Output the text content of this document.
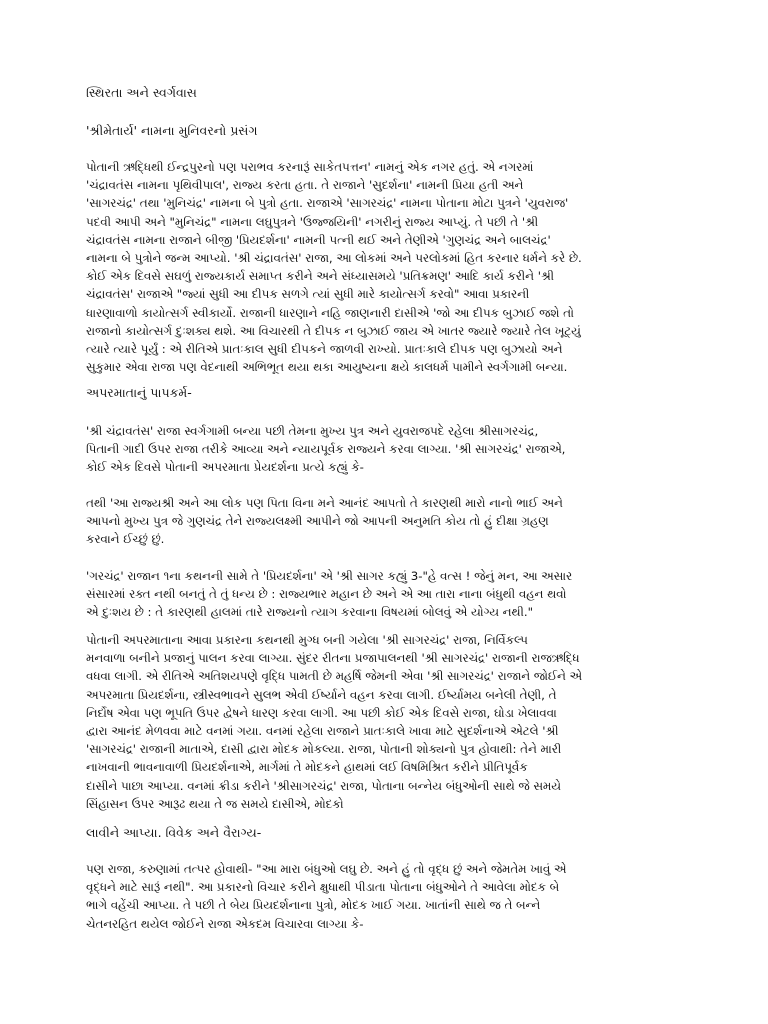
સ્થિરતા અને સ્વર્ગવાસ

'શ્રીમેતાર્ય' નામના મુનિવરનો પ્રસંગ

પોતાની ઋદ્ધિથી ઈન્દ્રપુરનો પણ પરાભવ કરનારૂં સાકેતપત્તન' નામનું એક નગર હતું. એ નગરમાં
'ચંદ્રાવતંસ નામના પૃથિવીપાલ', રાજ્ય કરતા હતા. તે રાજાને 'સુદર્શના' નામની પ્રિયા હતી અને
'સાગરચંદ્ર' તથા 'મુનિચંદ્ર' નામના બે પુત્રો હતા. રાજાએ 'સાગરચંદ્ર' નામના પોતાના મોટા પુત્રને 'યુવરાજ'
પદવી આપી અને "મુનિચંદ્ર" નામના લઘુપુત્રને 'ઉજ્જયિની' નગરીનું રાજ્ય આપ્યું. તે પછી તે 'શ્રી
ચંદ્રાવતંસ નામના રાજાને બીજી 'પ્રિયદર્શના' નામની પત્ની થઈ અને તેણીએ 'ગુણચંદ્ર અને બાલચંદ્ર'
નામના બે પુત્રોને જન્મ આપ્યો. 'શ્રી ચંદ્રાવતંસ' રાજા, આ લોકમાં અને પરલોકમાં હિત કરનાર ધર્મને કરે છે.
કોઈ એક દિવસે સઘળું રાજ્યકાર્ય સમાપ્ત કરીને અને સંધ્યાસમયે 'પ્રતિક્રમણ' આદિ કાર્ય કરીને 'શ્રી
ચંદ્રાવતંસ' રાજાએ "જ્યાં સુધી આ દીપક સળગે ત્યાં સુધી મારે કાયોત્સર્ગ કરવો" આવા પ્રકારની
ધારણાવાળો કાયોત્સર્ગ સ્વીકાર્યો. રાજાની ધારણાને નહિ જાણનારી દાસીએ 'જો આ દીપક બુઝાઈ જશે તો
રાજાનો કાયોત્સર્ગ દુઃશક્ય થશે. આ વિચારથી તે દીપક ન બુઝાઈ જાય એ ખાતર જ્યારે જ્યારે તેલ ખૂટ્યું
ત્યારે ત્યારે પૂર્યું : એ રીતિએ પ્રાતઃકાલ સુધી દીપકને જાળવી રાખ્યો. પ્રાતઃકાલે દીપક પણ બુઝાયો અને
સુકુમાર એવા રાજા પણ વેદનાથી અભિભૂત થયા થકા આયુષ્યના ક્ષયે કાલધર્મ પામીને સ્વર્ગગામી બન્યા.

અપરમાતાનું પાપકર્મ-

'શ્રી ચંદ્રાવતંસ' રાજા સ્વર્ગગામી બન્યા પછી તેમના મુખ્ય પુત્ર અને યુવરાજપદે રહેલા શ્રીસાગરચંદ્ર,
પિતાની ગાદી ઉપર રાજા તરીકે આવ્યા અને ન્યાયપૂર્વક રાજ્યને કરવા લાગ્યા. 'શ્રી સાગરચંદ્ર' રાજાએ,
કોઈ એક દિવસે પોતાની અપરમાતા પ્રેયદર્શના પ્રત્યે કહ્યું કે-
તથી 'આ રાજ્યશ્રી અને આ લોક પણ પિતા વિના મને આનંદ આપતો તે કારણથી મારો નાનો ભાઈ અને
આપનો મુખ્ય પુત્ર જે ગુણચંદ્ર તેને રાજ્યલક્ષ્મી આપીને જો આપની અનુમતિ કોય તો હું દીક્ષા ગ્રહણ
કરવાને ઈચ્છું છું.
'ગરચંદ્ર' રાજાન ૧ના કથનની સામે તે 'પ્રિયદર્શના' એ 'શ્રી સાગર કહ્યું 3-"હે વત્સ ! જેનું મન, આ અસાર
સંસારમાં રક્ત નથી બનતું તે તું ધન્ય છે : રાજ્યભાર મહાન છે અને એ આ તારા નાના બંધુથી વહન થવો
એ દુઃશય છે : તે કારણથી હાલમાં તારે રાજ્યનો ત્યાગ કરવાના વિષયમાં બોલવું એ યોગ્ય નથી."
પોતાની અપરમાતાના આવા પ્રકારના કથનથી મુગ્ધ બની ગયેલા 'શ્રી સાગરચંદ્ર' રાજા, નિર્વિકલ્પ
મનવાળા બનીને પ્રજાનું પાલન કરવા લાગ્યા. સુંદર રીતના પ્રજાપાલનથી 'શ્રી સાગરચંદ્ર' રાજાની રાજઋદ્ધિ
વધવા લાગી. એ રીતિએ અતિશયપણે વૃદ્ધિ પામતી છે મહર્ષિ જેમની એવા 'શ્રી સાગરચંદ્ર' રાજાને જોઈને એ
અપરમાતા પ્રિયદર્શના, સ્ત્રીસ્વભાવને સુલભ એવી ઈર્ષ્યાને વહન કરવા લાગી. ઈર્ષ્યામય બનેલી તેણી, તે
નિર્દોષ એવા પણ ભૂપતિ ઉપર દ્વેષને ધારણ કરવા લાગી. આ પછી કોઈ એક દિવસે રાજા, ઘોડા ખેલાવવા
દ્વારા આનંદ મેળવવા માટે વનમાં ગયા. વનમાં રહેલા રાજાને પ્રાતઃકાલે ખાવા માટે સુદર્શનાએ એટલે 'શ્રી
'સાગરચંદ્ર' રાજાની માતાએ, દાસી દ્વારા મોદક મોકલ્યા. રાજા, પોતાની શોક્યનો પુત્ર હોવાથી: તેને મારી
નાખવાની ભાવનાવાળી પ્રિયદર્શનાએ, માર્ગમાં તે મોદકને હાથમાં લઈ વિષમિશ્રિત કરીને પ્રીતિપૂર્વક
દાસીને પાછા આપ્યા. વનમાં ક્રીડા કરીને 'શ્રીસાગરચંદ્ર' રાજા, પોતાના બન્નેય બંધુઓની સાથે જે સમયે
સિંહાસન ઉપર આરૂઢ થયા તે જ સમયે દાસીએ, મોદકો

લાવીને આપ્યા. વિવેક અને વૈરાગ્ય-

પણ રાજા, કરુણામાં તત્પર હોવાથી- "આ મારા બંધુઓ લઘુ છે. અને હું તો વૃદ્ધ છું અને જેમતેમ ખાવું એ
વૃદ્ધને માટે સારૂં નથી". આ પ્રકારનો વિચાર કરીને ક્ષુધાથી પીડાતા પોતાના બંધુઓને તે આવેલા મોદક બે
ભાગે વહેંચી આપ્યા. તે પછી તે બેય પ્રિયદર્શનાના પુત્રો, મોદક ખાઈ ગયા. ખાતાંની સાથે જ તે બન્ને
ચેતનરહિત થયેલ જોઈને રાજા એકદમ વિચારવા લાગ્યા કે-
